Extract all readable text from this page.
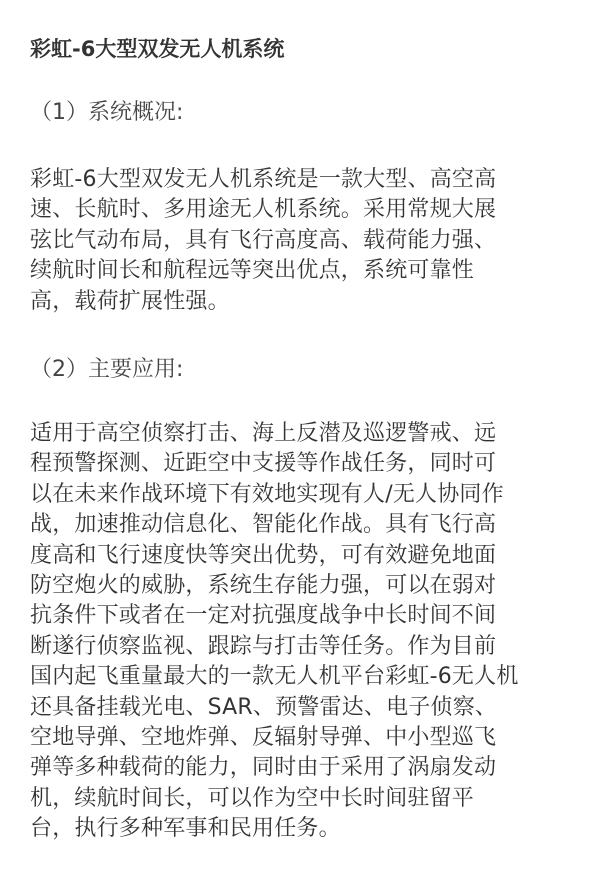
彩虹-6大型双发无人机系统
（1）系统概况:

彩虹-6大型双发无人机系统是一款大型、高空高
速、长航时、多用途无人机系统。采用常规大展
弦比气动布局，具有飞行高度高、载荷能力强、
续航时间长和航程远等突出优点，系统可靠性
高，载荷扩展性强。

（2）主要应用:

适用于高空侦察打击、海上反潜及巡逻警戒、远
程预警探测、近距空中支援等作战任务，同时可
以在未来作战环境下有效地实现有人/无人协同作
战，加速推动信息化、智能化作战。具有飞行高
度高和飞行速度快等突出优势，可有效避免地面
防空炮火的威胁，系统生存能力强，可以在弱对
抗条件下或者在一定对抗强度战争中长时间不间
断遂行侦察监视、跟踪与打击等任务。作为目前
国内起飞重量最大的一款无人机平台彩虹-6无人机
还具备挂载光电、SAR、预警雷达、电子侦察、
空地导弹、空地炸弹、反辐射导弹、中小型巡飞
弹等多种载荷的能力，同时由于采用了涡扇发动
机，续航时间长，可以作为空中长时间驻留平
台，执行多种军事和民用任务。
